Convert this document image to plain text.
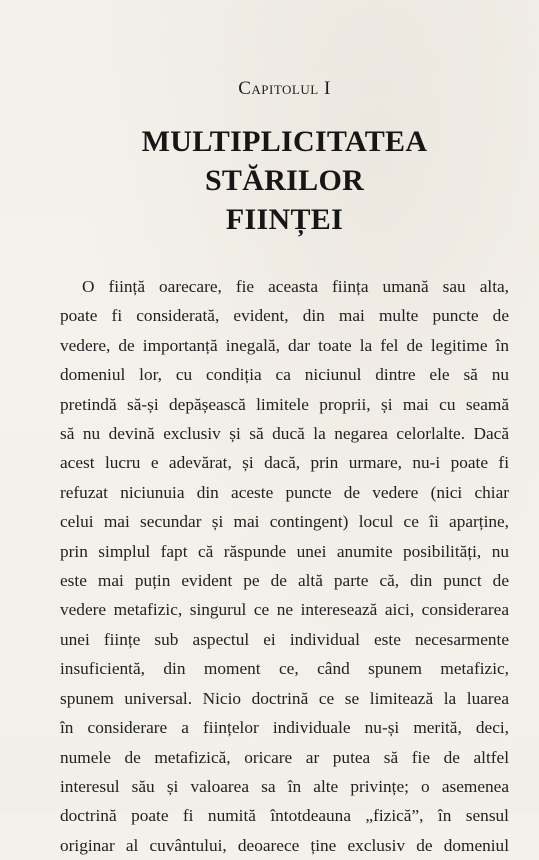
Capitolul I
MULTIPLICITATEA STĂRILOR
FIINȚEI
O ființă oarecare, fie aceasta ființa umană sau alta,
poate fi considerată, evident, din mai multe puncte de
vedere, de importanță inegală, dar toate la fel de legitime în
domeniul lor, cu condiția ca niciunul dintre ele să nu
pretindă să-și depășească limitele proprii, și mai cu seamă
să nu devină exclusiv și să ducă la negarea celorlalte. Dacă
acest lucru e adevărat, și dacă, prin urmare, nu-i poate fi
refuzat niciunuia din aceste puncte de vedere (nici chiar
celui mai secundar și mai contingent) locul ce îi aparține,
prin simplul fapt că răspunde unei anumite posibilități, nu
este mai puțin evident pe de altă parte că, din punct de
vedere metafizic, singurul ce ne interesează aici, considerarea
unei ființe sub aspectul ei individual este necesarmente
insuficientă, din moment ce, când spunem metafizic,
spunem universal. Nicio doctrină ce se limitează la luarea
în considerare a ființelor individuale nu-și merită, deci,
numele de metafizică, oricare ar putea să fie de altfel
interesul său și valoarea sa în alte privințe; o asemenea
doctrină poate fi numită întotdeauna „fizică”, în sensul
originar al cuvântului, deoarece ține exclusiv de domeniul
